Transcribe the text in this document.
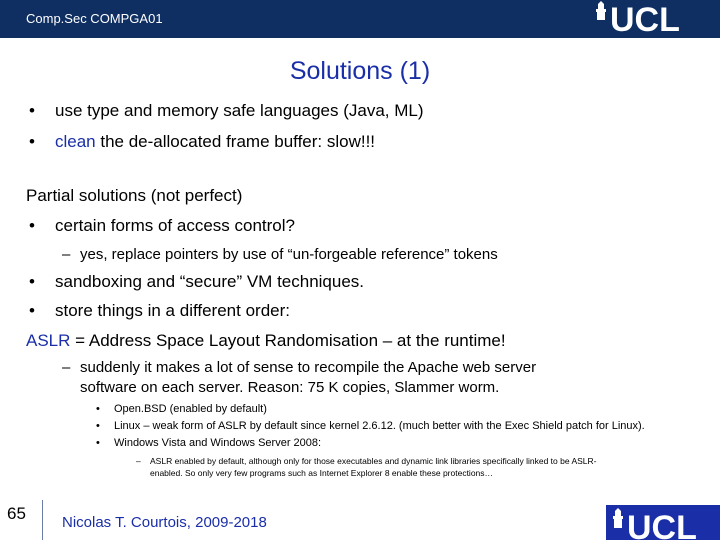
Comp.Sec COMPGA01	UCL
Solutions (1)
• use type and memory safe languages (Java, ML)
• clean the de-allocated frame buffer: slow!!!
Partial solutions (not perfect)
• certain forms of access control?
– yes, replace pointers by use of “un-forgeable reference” tokens
• sandboxing and “secure” VM techniques.
• store things in a different order:
ASLR = Address Space Layout Randomisation – at the runtime!
– suddenly it makes a lot of sense to recompile the Apache web server
software on each server. Reason: 75 K copies, Slammer worm.
• Open.BSD (enabled by default)
• Linux – weak form of ASLR by default since kernel 2.6.12. (much better with the Exec Shield patch for Linux).
• Windows Vista and Windows Server 2008:
– ASLR enabled by default, although only for those executables and dynamic link libraries specifically linked to be ASLR-
enabled. So only very few programs such as Internet Explorer 8 enable these protections…
65 Nicolas T. Courtois, 2009-2018	UCL
